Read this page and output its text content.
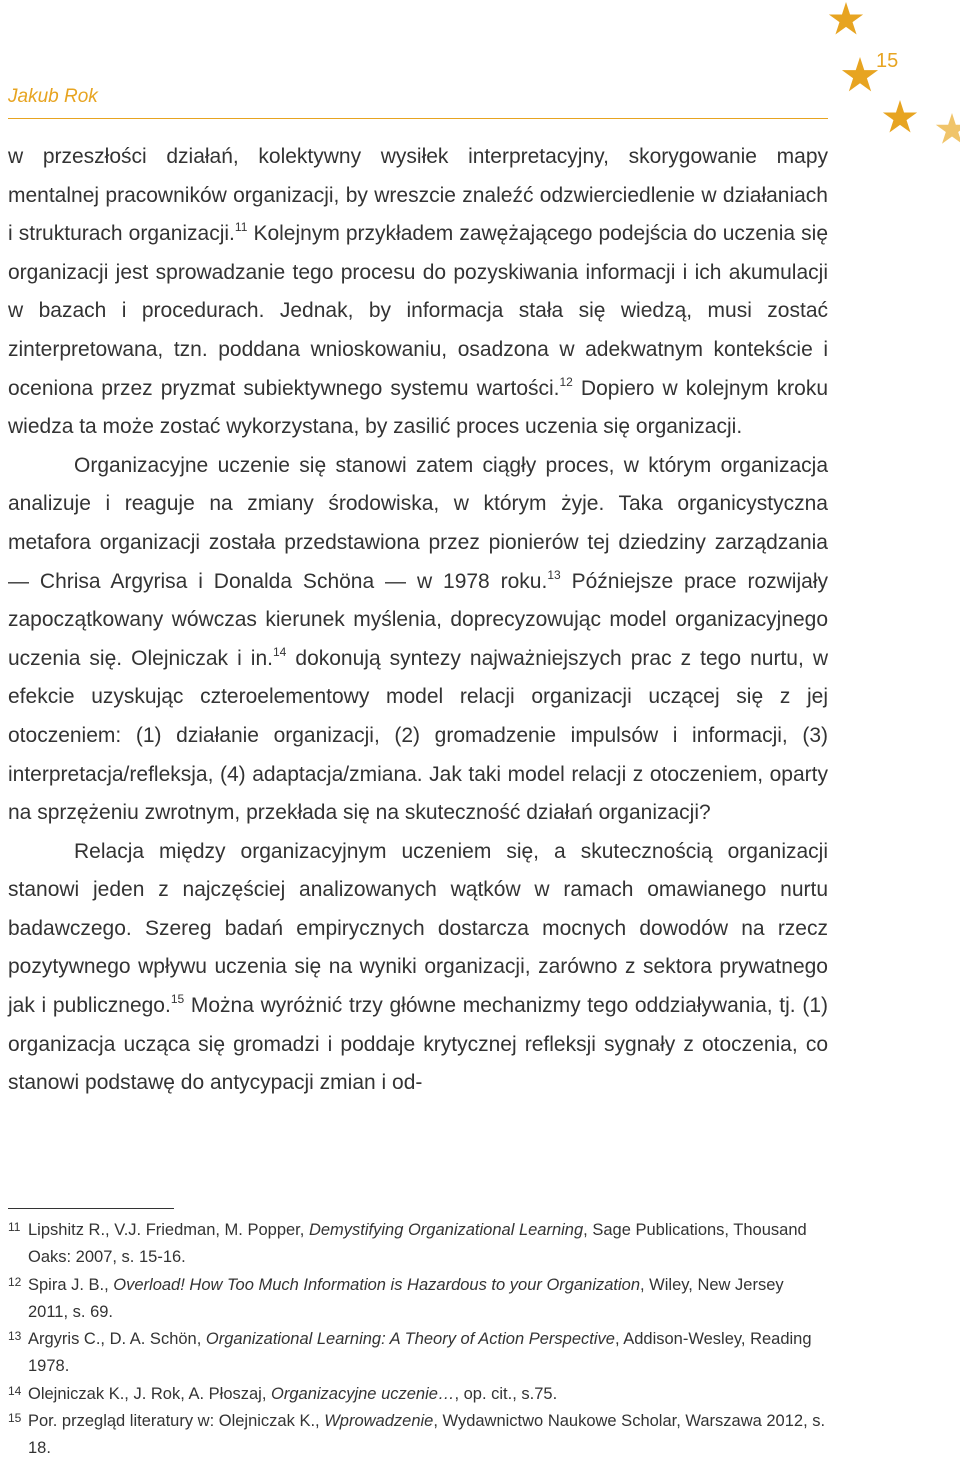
Jakub Rok
15

w przeszłości działań, kolektywny wysiłek interpretacyjny, skorygowanie mapy mentalnej pracowników organizacji, by wreszcie znaleźć odzwierciedlenie w działaniach i strukturach organizacji.$^{11}$ Kolejnym przykładem zawężającego podejścia do uczenia się organizacji jest sprowadzanie tego procesu do pozyskiwania informacji i ich akumulacji w bazach i procedurach. Jednak, by informacja stała się wiedzą, musi zostać zinterpretowana, tzn. poddana wnioskowaniu, osadzona w adekwatnym kontekście i oceniona przez pryzmat subiektywnego systemu wartości.$^{12}$ Dopiero w kolejnym kroku wiedza ta może zostać wykorzystana, by zasilić proces uczenia się organizacji.

Organizacyjne uczenie się stanowi zatem ciągły proces, w którym organizacja analizuje i reaguje na zmiany środowiska, w którym żyje. Taka organicystyczna metafora organizacji została przedstawiona przez pionierów tej dziedziny zarządzania — Chrisa Argyrisa i Donalda Schöna — w 1978 roku.$^{13}$ Późniejsze prace rozwijały zapoczątkowany wówczas kierunek myślenia, doprecyzowując model organizacyjnego uczenia się. Olejniczak i in.$^{14}$ dokonują syntezy najważniejszych prac z tego nurtu, w efekcie uzyskując czteroelementowy model relacji organizacji uczącej się z jej otoczeniem: (1) działanie organizacji, (2) gromadzenie impulsów i informacji, (3) interpretacja/refleksja, (4) adaptacja/zmiana. Jak taki model relacji z otoczeniem, oparty na sprzężeniu zwrotnym, przekłada się na skuteczność działań organizacji?

Relacja między organizacyjnym uczeniem się, a skutecznością organizacji stanowi jeden z najczęściej analizowanych wątków w ramach omawianego nurtu badawczego. Szereg badań empirycznych dostarcza mocnych dowodów na rzecz pozytywnego wpływu uczenia się na wyniki organizacji, zarówno z sektora prywatnego jak i publicznego.$^{15}$ Można wyróżnić trzy główne mechanizmy tego oddziaływania, tj. (1) organizacja ucząca się gromadzi i poddaje krytycznej refleksji sygnały z otoczenia, co stanowi podstawę do antycypacji zmian i od-

11 Lipshitz R., V.J. Friedman, M. Popper, Demystifying Organizational Learning, Sage Publications, Thousand Oaks: 2007, s. 15-16.
12 Spira J. B., Overload! How Too Much Information is Hazardous to your Organization, Wiley, New Jersey 2011, s. 69.
13 Argyris C., D. A. Schön, Organizational Learning: A Theory of Action Perspective, Addison-Wesley, Reading 1978.
14 Olejniczak K., J. Rok, A. Płoszaj, Organizacyjne uczenie…, op. cit., s.75.
15 Por. przegląd literatury w: Olejniczak K., Wprowadzenie, Wydawnictwo Naukowe Scholar, Warszawa 2012, s. 18.
